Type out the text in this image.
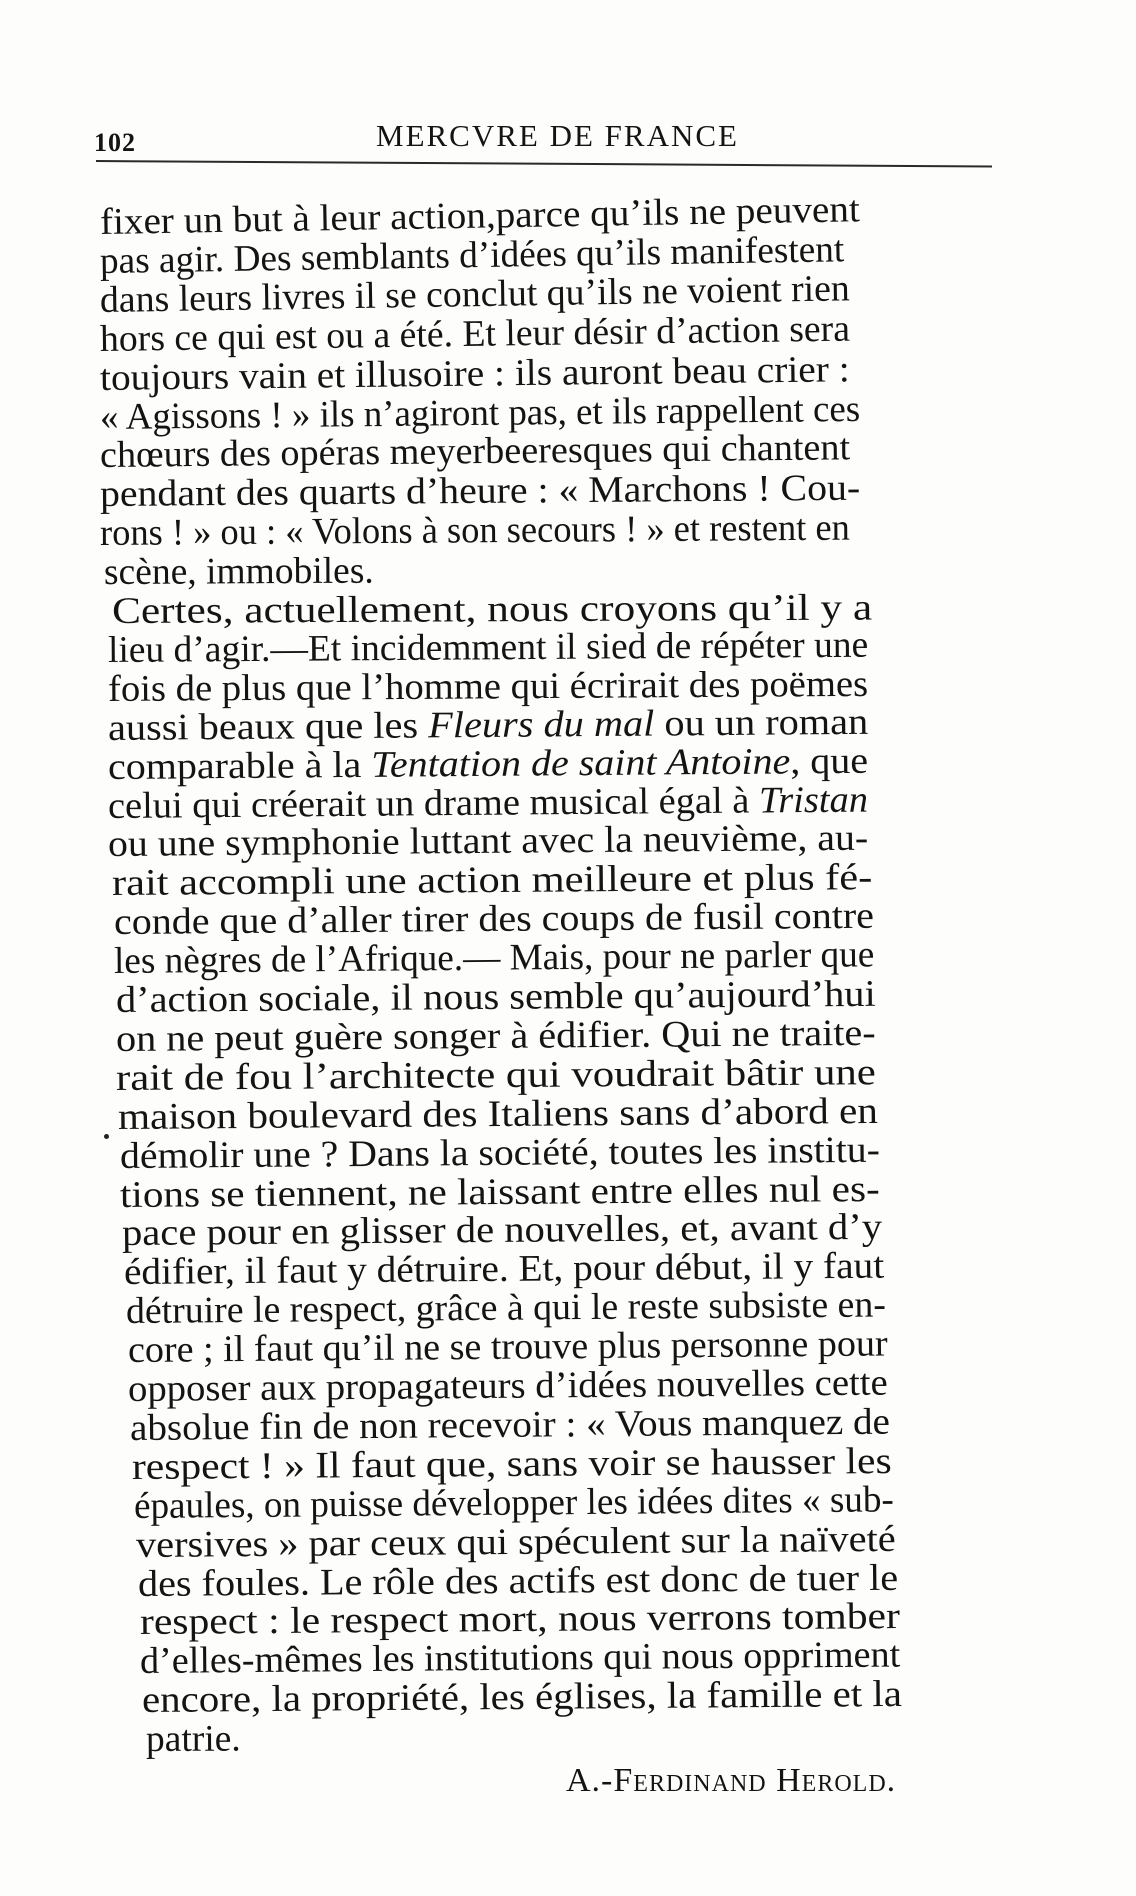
102	MERCVRE DE FRANCE
fixer un but à leur action,parce qu’ils ne peuvent
pas agir. Des semblants d’idées qu’ils manifestent
dans leurs livres il se conclut qu’ils ne voient rien
hors ce qui est ou a été. Et leur désir d’action sera
toujours vain et illusoire : ils auront beau crier :
« Agissons ! » ils n’agiront pas, et ils rappellent ces
chœurs des opéras meyerbeeresques qui chantent
pendant des quarts d’heure : « Marchons ! Cou-
rons ! » ou : « Volons à son secours ! » et restent en
scène, immobiles.
Certes, actuellement, nous croyons qu’il y a
lieu d’agir.—Et incidemment il sied de répéter une
fois de plus que l’homme qui écrirait des poëmes
aussi beaux que les Fleurs du mal ou un roman
comparable à la Tentation de saint Antoine, que
celui qui créerait un drame musical égal à Tristan
ou une symphonie luttant avec la neuvième, au-
rait accompli une action meilleure et plus fé-
conde que d’aller tirer des coups de fusil contre
les nègres de l’Afrique.— Mais, pour ne parler que
d’action sociale, il nous semble qu’aujourd’hui
on ne peut guère songer à édifier. Qui ne traite-
rait de fou l’architecte qui voudrait bâtir une
maison boulevard des Italiens sans d’abord en
démolir une ? Dans la société, toutes les institu-
tions se tiennent, ne laissant entre elles nul es-
pace pour en glisser de nouvelles, et, avant d’y
édifier, il faut y détruire. Et, pour début, il y faut
détruire le respect, grâce à qui le reste subsiste en-
core ; il faut qu’il ne se trouve plus personne pour
opposer aux propagateurs d’idées nouvelles cette
absolue fin de non recevoir : « Vous manquez de
respect ! » Il faut que, sans voir se hausser les
épaules, on puisse développer les idées dites « sub-
versives » par ceux qui spéculent sur la naïveté
des foules. Le rôle des actifs est donc de tuer le
respect : le respect mort, nous verrons tomber
d’elles-mêmes les institutions qui nous oppriment
encore, la propriété, les églises, la famille et la
patrie.
A.-Ferdinand Herold.
